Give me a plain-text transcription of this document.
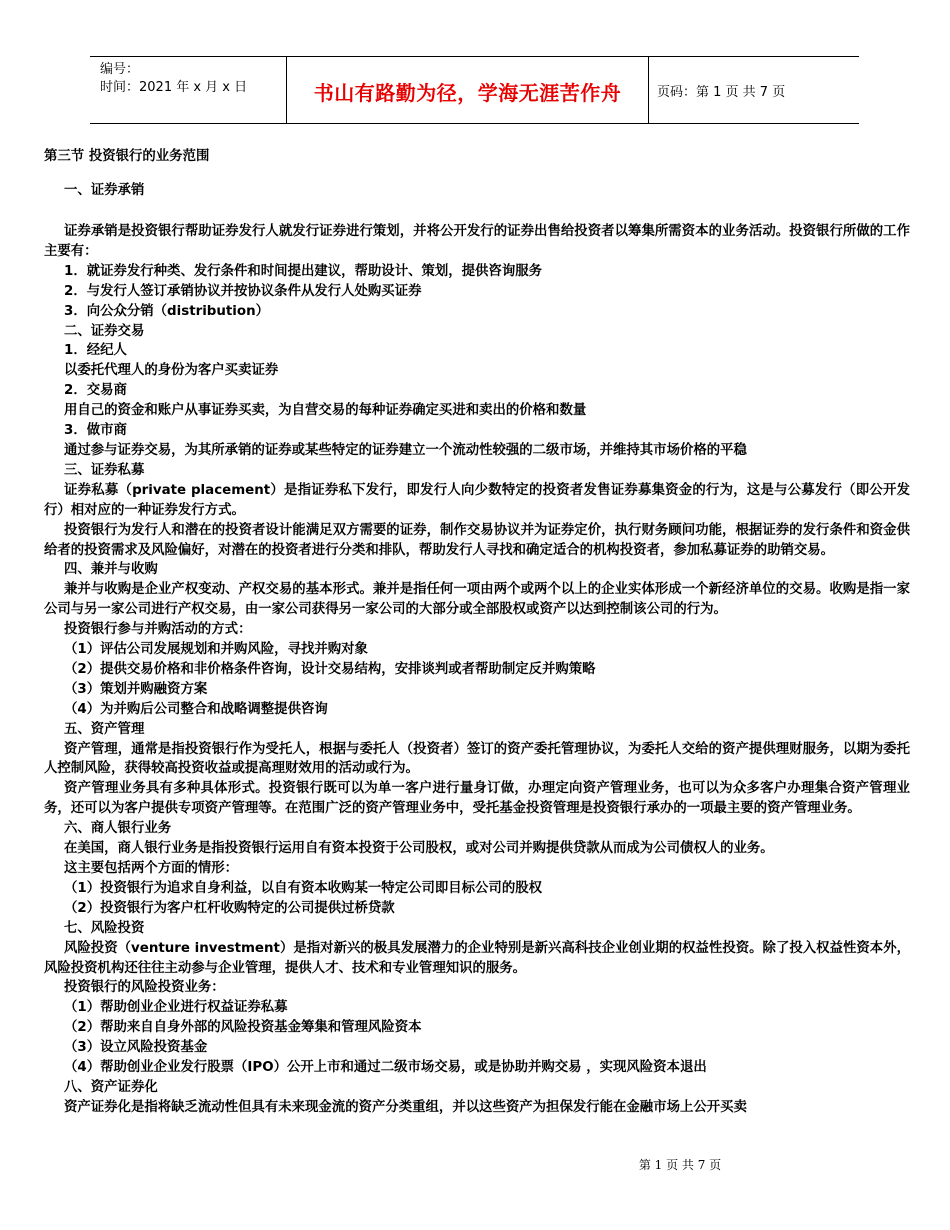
编号：
时间：2021 年 x 月 x 日	书山有路勤为径，学海无涯苦作舟	页码：第 1 页 共 7 页

第三节 投资银行的业务范围

一、证券承销

证券承销是投资银行帮助证券发行人就发行证券进行策划，并将公开发行的证券出售给投资者以筹集所需资本的业务活动。投资银行所做的工作主要有：

1．就证券发行种类、发行条件和时间提出建议，帮助设计、策划，提供咨询服务

2．与发行人签订承销协议并按协议条件从发行人处购买证券

3．向公众分销（distribution）

二、证券交易

1．经纪人

以委托代理人的身份为客户买卖证券

2．交易商

用自己的资金和账户从事证券买卖，为自营交易的每种证券确定买进和卖出的价格和数量

3．做市商

通过参与证券交易，为其所承销的证券或某些特定的证券建立一个流动性较强的二级市场，并维持其市场价格的平稳

三、证券私募

证券私募（private placement）是指证券私下发行，即发行人向少数特定的投资者发售证券募集资金的行为，这是与公募发行（即公开发行）相对应的一种证券发行方式。

投资银行为发行人和潜在的投资者设计能满足双方需要的证券，制作交易协议并为证券定价，执行财务顾问功能，根据证券的发行条件和资金供给者的投资需求及风险偏好，对潜在的投资者进行分类和排队，帮助发行人寻找和确定适合的机构投资者，参加私募证券的助销交易。

四、兼并与收购

兼并与收购是企业产权变动、产权交易的基本形式。兼并是指任何一项由两个或两个以上的企业实体形成一个新经济单位的交易。收购是指一家公司与另一家公司进行产权交易，由一家公司获得另一家公司的大部分或全部股权或资产以达到控制该公司的行为。

投资银行参与并购活动的方式：

（1）评估公司发展规划和并购风险，寻找并购对象

（2）提供交易价格和非价格条件咨询，设计交易结构，安排谈判或者帮助制定反并购策略

（3）策划并购融资方案

（4）为并购后公司整合和战略调整提供咨询

五、资产管理

资产管理，通常是指投资银行作为受托人，根据与委托人（投资者）签订的资产委托管理协议，为委托人交给的资产提供理财服务，以期为委托人控制风险，获得较高投资收益或提高理财效用的活动或行为。

资产管理业务具有多种具体形式。投资银行既可以为单一客户进行量身订做，办理定向资产管理业务，也可以为众多客户办理集合资产管理业务，还可以为客户提供专项资产管理等。在范围广泛的资产管理业务中，受托基金投资管理是投资银行承办的一项最主要的资产管理业务。

六、商人银行业务

在美国，商人银行业务是指投资银行运用自有资本投资于公司股权，或对公司并购提供贷款从而成为公司债权人的业务。

这主要包括两个方面的情形：

（1）投资银行为追求自身利益，以自有资本收购某一特定公司即目标公司的股权

（2）投资银行为客户杠杆收购特定的公司提供过桥贷款

七、风险投资

风险投资（venture investment）是指对新兴的极具发展潜力的企业特别是新兴高科技企业创业期的权益性投资。除了投入权益性资本外，风险投资机构还往往主动参与企业管理，提供人才、技术和专业管理知识的服务。

投资银行的风险投资业务：

（1）帮助创业企业进行权益证券私募

（2）帮助来自自身外部的风险投资基金筹集和管理风险资本

（3）设立风险投资基金

（4）帮助创业企业发行股票（IPO）公开上市和通过二级市场交易，或是协助并购交易 ，实现风险资本退出

八、资产证券化

资产证券化是指将缺乏流动性但具有未来现金流的资产分类重组，并以这些资产为担保发行能在金融市场上公开买卖

第 1 页 共 7 页
